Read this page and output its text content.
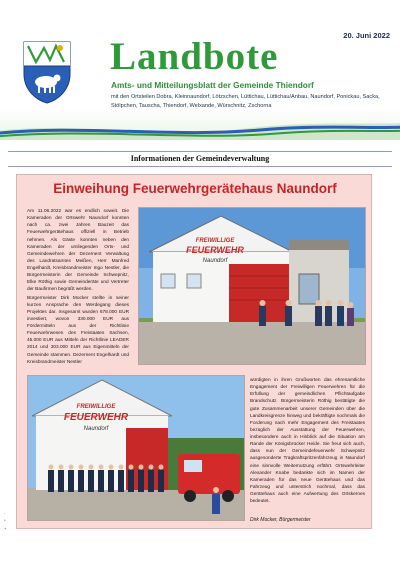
20. Juni 2022
Landbote
Amts- und Mitteilungsblatt der Gemeinde Thiendorf
mit den Ortsteilen Dobra, Kleinnaundorf, Lötzschen, Lüttichau, Lüttichau/Anbau, Naundorf, Ponickau, Sacka, Stölpchen, Tauscha, Thiendorf, Welxande, Würschnitz, Zschorna
Informationen der Gemeindeverwaltung
Einweihung Feuerwehrgerätehaus Naundorf

Am 11.06.2022 war es endlich soweit. Die Kameraden der Ortswehr Naundorf konnten nach ca. zwei Jahren Bauzeit das Feuerwehrgerätehaus offiziell in Betrieb nehmen. Als Gäste konnten neben den Kameraden der umliegenden Orts- und Gemeindewehren der Dezernent Verwaltung des Landratsamtes Meißen, Herr Manfred Engelhardt, Kreisbrandmeister Ingo Nestler, die Bürgermeisterin der Gemeinde Schwepnitz, Elke Röthig sowie Gemeinderäte und Vertreter der Baufirmen begrüßt werden.

Bürgermeister Dirk Mocker stellte in seiner kurzen Ansprache den Werdegang dieses Projektes dar. Insgesamt wurden 678.000 EUR investiert, wovon 330.000 EUR aus Fördermitteln aus der Richtlinie Feuerwehrwesen des Freistaates Sachsen, 45.000 EUR aus Mitteln der Richtlinie LEADER 2014 und 303.000 EUR aus Eigenmitteln der Gemeinde stammen. Dezernent Engelhardt und Kreisbrandmeister Nestler

FREIWILLIGE
FEUERWEHR
Naundorf
FREIWILLIGE
FEUERWEHR
Naundorf
würdigten in ihren Grußworten das ehrenamtliche Engagement der Freiwilligen Feuerwehren für die Erfüllung der gemeindlichen Pflichtaufgabe Brandschutz. Bürgermeisterin Röthig bestätigte die gute Zusammenarbeit unserer Gemeinden über die Landkreisgrenze hinweg und bekräftigte nochmals die Forderung nach mehr Engagement des Freistaates bezüglich der Ausstattung der Feuerwehren, insbesondere auch in Hinblick auf die Situation am Rande der Königsbrücker Heide. Sie freut sich auch, dass nun der Gemeindefeuerwehr Schwepnitz ausgesonderte Tragkraftspritzenfahrzeug in Naundorf eine sinnvolle Weiternutzung erfährt. Ortswehrleiter Alexander Knabe bedankte sich im Namen der Kameraden für das neue Gerätehaus und das Fahrzeug und unterstrich nochmal, dass das Gerätehaus auch eine Aufwertung des Ortskernes bedeutet.
Dirk Mocker, Bürgermeister
-
*
+
